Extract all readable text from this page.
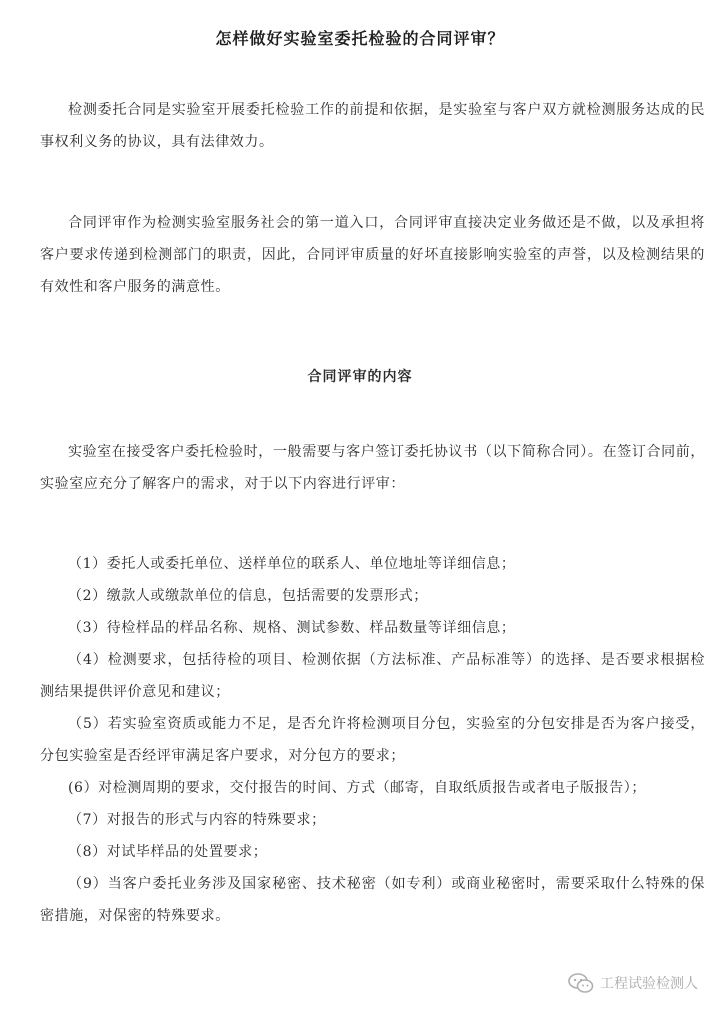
怎样做好实验室委托检验的合同评审？

检测委托合同是实验室开展委托检验工作的前提和依据，是实验室与客户双方就检测服务达成的民事权利义务的协议，具有法律效力。

合同评审作为检测实验室服务社会的第一道入口，合同评审直接决定业务做还是不做，以及承担将客户要求传递到检测部门的职责，因此，合同评审质量的好坏直接影响实验室的声誉，以及检测结果的有效性和客户服务的满意性。

合同评审的内容

实验室在接受客户委托检验时，一般需要与客户签订委托协议书（以下简称合同）。在签订合同前，实验室应充分了解客户的需求，对于以下内容进行评审：

（1）委托人或委托单位、送样单位的联系人、单位地址等详细信息；
（2）缴款人或缴款单位的信息，包括需要的发票形式；
（3）待检样品的样品名称、规格、测试参数、样品数量等详细信息；
（4）检测要求，包括待检的项目、检测依据（方法标准、产品标准等）的选择、是否要求根据检测结果提供评价意见和建议；
（5）若实验室资质或能力不足，是否允许将检测项目分包，实验室的分包安排是否为客户接受，分包实验室是否经评审满足客户要求，对分包方的要求；
(6）对检测周期的要求，交付报告的时间、方式（邮寄，自取纸质报告或者电子版报告）；
（7）对报告的形式与内容的特殊要求；
（8）对试毕样品的处置要求；
（9）当客户委托业务涉及国家秘密、技术秘密（如专利）或商业秘密时，需要采取什么特殊的保密措施，对保密的特殊要求。
工程试验检测人
